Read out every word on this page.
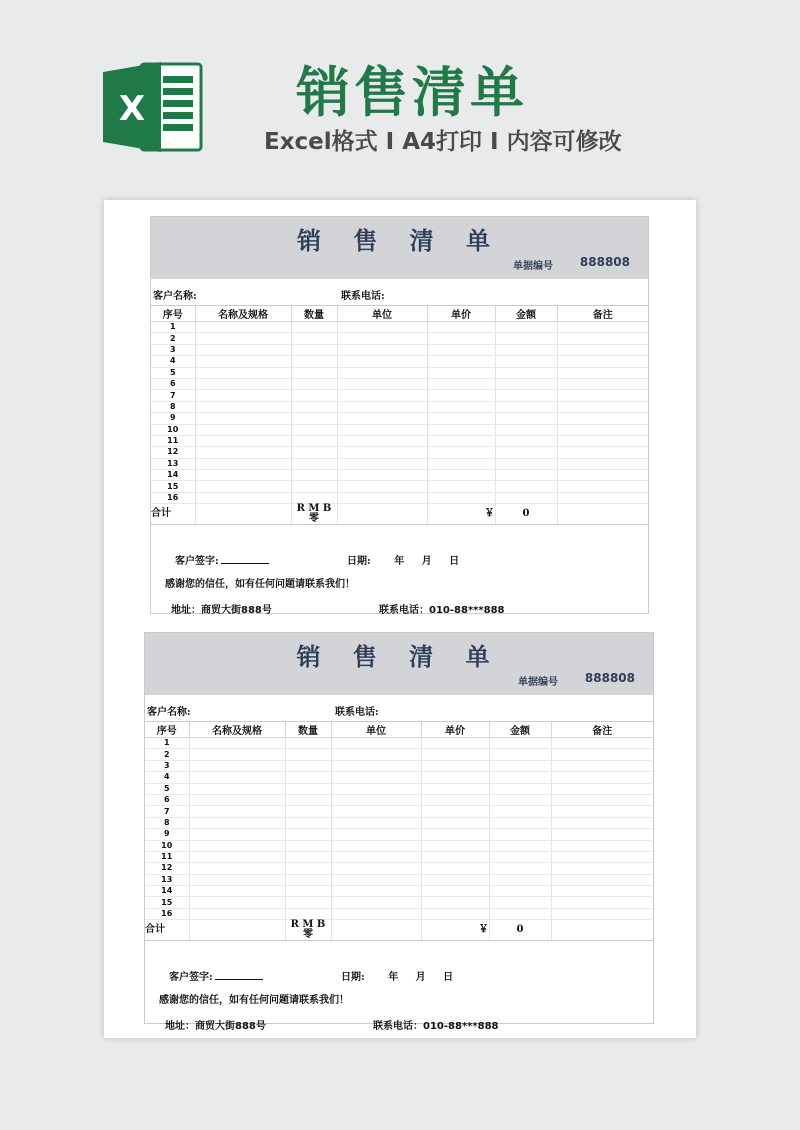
X	销售清单
Excel格式 I A4打印 I 内容可修改
销 售 清 单
单据编号 888808
客户名称:	联系电话:
序号	名称及规格	数量	单位	单价	金额	备注
1						
2						
3						
4						
5						
6						
7						
8						
9						
10						
11						
12						
13						
14						
15						
16						
合计		R M B 零		￥	0	
客户签字:	日期: 年 月 日
感谢您的信任，如有任何问题请联系我们！
地址：商贸大街888号	联系电话：010-88***888
销 售 清 单
单据编号 888808
客户名称:	联系电话:
序号	名称及规格	数量	单位	单价	金额	备注
1						
2						
3						
4						
5						
6						
7						
8						
9						
10						
11						
12						
13						
14						
15						
16						
合计		R M B 零		￥	0	
客户签字:	日期: 年 月 日
感谢您的信任，如有任何问题请联系我们！
地址：商贸大街888号	联系电话：010-88***888
